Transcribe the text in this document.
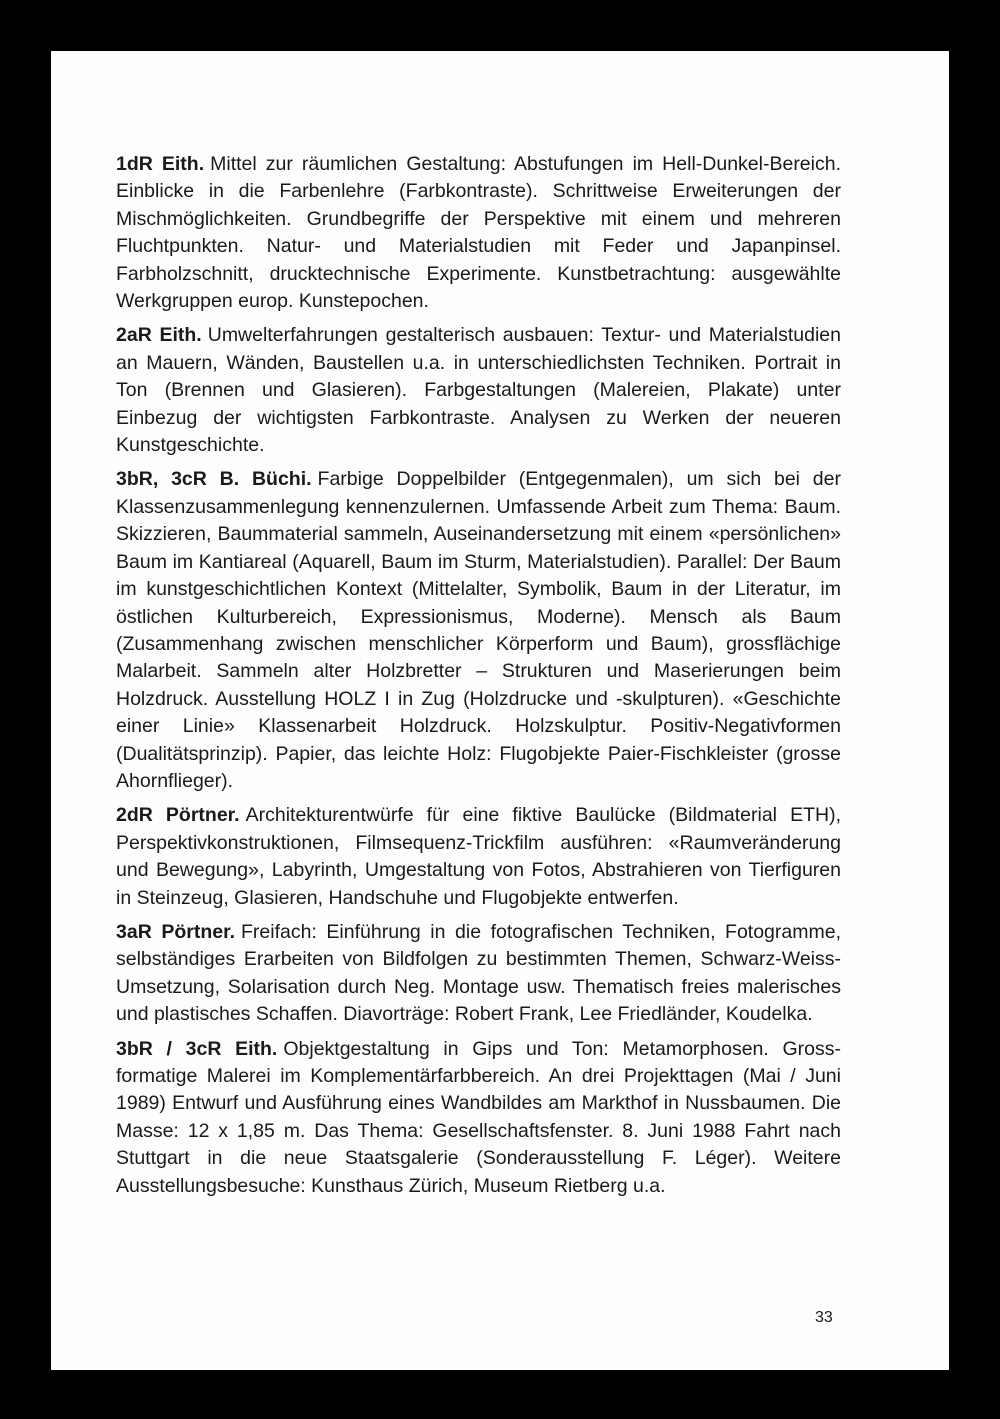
1dR Eith. Mittel zur räumlichen Gestaltung: Abstufungen im Hell-Dunkel-Bereich. Einblicke in die Farbenlehre (Farbkontraste). Schrittweise Erweiterungen der Mischmöglichkeiten. Grundbegriffe der Perspektive mit einem und mehreren Fluchtpunkten. Natur- und Materialstudien mit Feder und Japanpinsel. Farbholzschnitt, drucktechnische Experimente. Kunstbetrachtung: ausgewählte Werkgruppen europ. Kunstepochen.

2aR Eith. Umwelterfahrungen gestalterisch ausbauen: Textur- und Materialstudien an Mauern, Wänden, Baustellen u.a. in unterschiedlichsten Techniken. Portrait in Ton (Brennen und Glasieren). Farbgestaltungen (Malereien, Plakate) unter Einbezug der wichtigsten Farbkontraste. Analysen zu Werken der neueren Kunstgeschichte.

3bR, 3cR B. Büchi. Farbige Doppelbilder (Entgegenmalen), um sich bei der Klassenzusammenlegung kennenzulernen. Umfassende Arbeit zum Thema: Baum. Skizzieren, Baummaterial sammeln, Auseinandersetzung mit einem «persönlichen» Baum im Kantiareal (Aquarell, Baum im Sturm, Materialstudien). Parallel: Der Baum im kunstgeschichtlichen Kontext (Mittelalter, Symbolik, Baum in der Literatur, im östlichen Kulturbereich, Expressionismus, Moderne). Mensch als Baum (Zusammenhang zwischen menschlicher Körperform und Baum), grossflächige Malarbeit. Sammeln alter Holzbretter – Strukturen und Maserierungen beim Holzdruck. Ausstellung HOLZ I in Zug (Holzdrucke und -skulpturen). «Geschichte einer Linie» Klassenarbeit Holzdruck. Holzskulptur. Positiv-Negativformen (Dualitätsprinzip). Papier, das leichte Holz: Flugobjekte Paier-Fischkleister (grosse Ahornflieger).

2dR Pörtner. Architekturentwürfe für eine fiktive Baulücke (Bildmaterial ETH), Perspektivkonstruktionen, Filmsequenz-Trickfilm ausführen: «Raumveränderung und Bewegung», Labyrinth, Umgestaltung von Fotos, Abstrahieren von Tierfiguren in Steinzeug, Glasieren, Handschuhe und Flugobjekte entwerfen.

3aR Pörtner. Freifach: Einführung in die fotografischen Techniken, Fotogramme, selbständiges Erarbeiten von Bildfolgen zu bestimmten Themen, Schwarz-Weiss-Umsetzung, Solarisation durch Neg. Montage usw. Thematisch freies malerisches und plastisches Schaffen. Diavorträge: Robert Frank, Lee Friedländer, Koudelka.

3bR / 3cR Eith. Objektgestaltung in Gips und Ton: Metamorphosen. Grossformatige Malerei im Komplementärfarbbereich. An drei Projekttagen (Mai / Juni 1989) Entwurf und Ausführung eines Wandbildes am Markthof in Nussbaumen. Die Masse: 12 x 1,85 m. Das Thema: Gesellschaftsfenster. 8. Juni 1988 Fahrt nach Stuttgart in die neue Staatsgalerie (Sonderausstellung F. Léger). Weitere Ausstellungsbesuche: Kunsthaus Zürich, Museum Rietberg u.a.

33
